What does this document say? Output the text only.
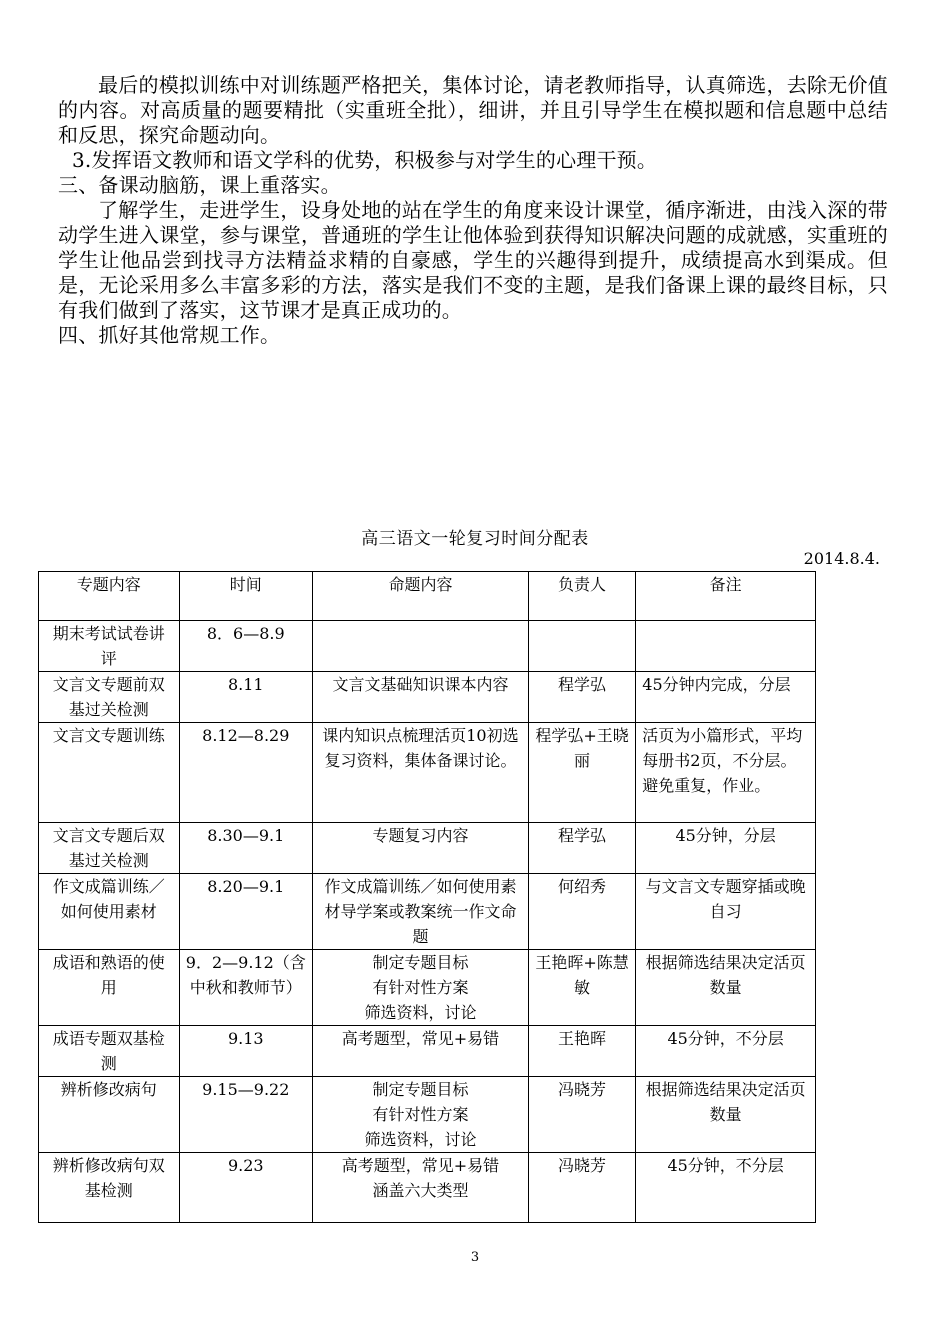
最后的模拟训练中对训练题严格把关，集体讨论，请老教师指导，认真筛选，去除无价值的内容。对高质量的题要精批（实重班全批），细讲，并且引导学生在模拟题和信息题中总结和反思，探究命题动向。
3.发挥语文教师和语文学科的优势，积极参与对学生的心理干预。
三、备课动脑筋，课上重落实。
了解学生，走进学生，设身处地的站在学生的角度来设计课堂，循序渐进，由浅入深的带动学生进入课堂，参与课堂，普通班的学生让他体验到获得知识解决问题的成就感，实重班的学生让他品尝到找寻方法精益求精的自豪感，学生的兴趣得到提升，成绩提高水到渠成。但是，无论采用多么丰富多彩的方法，落实是我们不变的主题，是我们备课上课的最终目标，只有我们做到了落实，这节课才是真正成功的。
四、抓好其他常规工作。
高三语文一轮复习时间分配表
2014.8.4.
专题内容	时间	命题内容	负责人	备注
期末考试试卷讲评	8．6—8.9			
文言文专题前双基过关检测	8.11	文言文基础知识课本内容	程学弘	45分钟内完成，分层
文言文专题训练	8.12—8.29	课内知识点梳理活页10初选复习资料，集体备课讨论。	程学弘+王晓丽	活页为小篇形式，平均每册书2页，不分层。避免重复，作业。
文言文专题后双基过关检测	8.30—9.1	专题复习内容	程学弘	45分钟，分层
作文成篇训练／如何使用素材	8.20—9.1	作文成篇训练／如何使用素材导学案或教案统一作文命题	何绍秀	与文言文专题穿插或晚自习
成语和熟语的使用	9．2—9.12（含中秋和教师节）	制定专题目标
有针对性方案
筛选资料，讨论	王艳晖+陈慧敏	根据筛选结果决定活页数量
成语专题双基检测	9.13	高考题型，常见+易错	王艳晖	45分钟，不分层
辨析修改病句	9.15—9.22	制定专题目标
有针对性方案
筛选资料，讨论	冯晓芳	根据筛选结果决定活页数量
辨析修改病句双基检测	9.23	高考题型，常见+易错
涵盖六大类型	冯晓芳	45分钟，不分层
3
